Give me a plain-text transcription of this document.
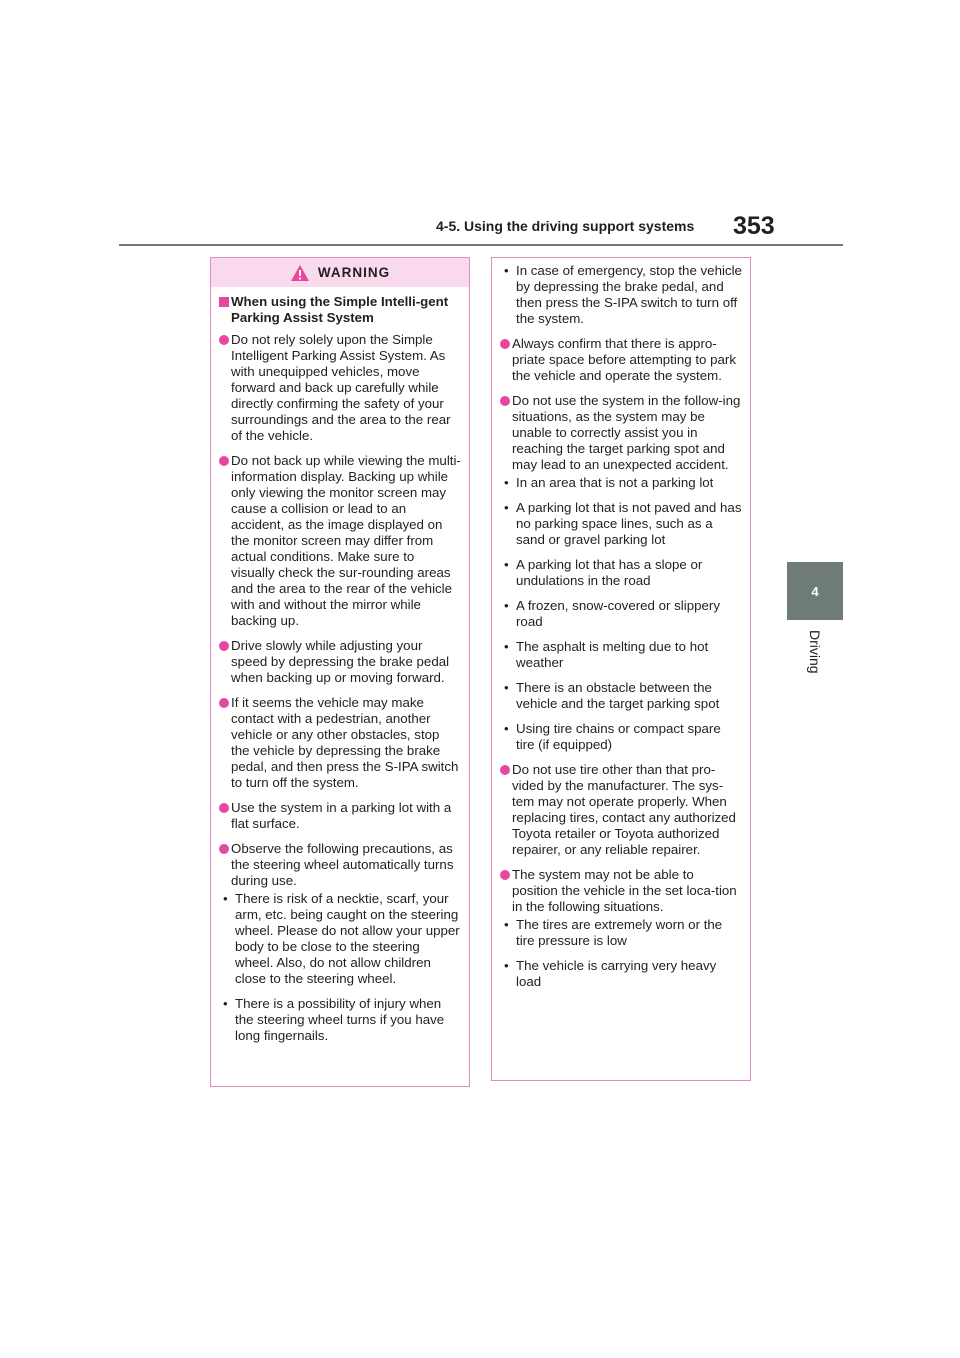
4-5. Using the driving support systems 353
4
Driving
WARNING
When using the Simple Intelli-gent Parking Assist System
Do not rely solely upon the Simple Intelligent Parking Assist System. As with unequipped vehicles, move forward and back up carefully while directly confirming the safety of your surroundings and the area to the rear of the vehicle.
Do not back up while viewing the multi-information display. Backing up while only viewing the monitor screen may cause a collision or lead to an accident, as the image displayed on the monitor screen may differ from actual conditions. Make sure to visually check the sur-rounding areas and the area to the rear of the vehicle with and without the mirror while backing up.
Drive slowly while adjusting your speed by depressing the brake pedal when backing up or moving forward.
If it seems the vehicle may make contact with a pedestrian, another vehicle or any other obstacles, stop the vehicle by depressing the brake pedal, and then press the S-IPA switch to turn off the system.
Use the system in a parking lot with a flat surface.
Observe the following precautions, as the steering wheel automatically turns during use.
• There is risk of a necktie, scarf, your arm, etc. being caught on the steering wheel. Please do not allow your upper body to be close to the steering wheel. Also, do not allow children close to the steering wheel.
• There is a possibility of injury when the steering wheel turns if you have long fingernails.
• In case of emergency, stop the vehicle by depressing the brake pedal, and then press the S-IPA switch to turn off the system.
Always confirm that there is appro-priate space before attempting to park the vehicle and operate the system.
Do not use the system in the follow-ing situations, as the system may be unable to correctly assist you in reaching the target parking spot and may lead to an unexpected accident.
• In an area that is not a parking lot
• A parking lot that is not paved and has no parking space lines, such as a sand or gravel parking lot
• A parking lot that has a slope or undulations in the road
• A frozen, snow-covered or slippery road
• The asphalt is melting due to hot weather
• There is an obstacle between the vehicle and the target parking spot
• Using tire chains or compact spare tire (if equipped)
Do not use tire other than that pro-vided by the manufacturer. The sys-tem may not operate properly. When replacing tires, contact any authorized Toyota retailer or Toyota authorized repairer, or any reliable repairer.
The system may not be able to position the vehicle in the set loca-tion in the following situations.
• The tires are extremely worn or the tire pressure is low
• The vehicle is carrying very heavy load
